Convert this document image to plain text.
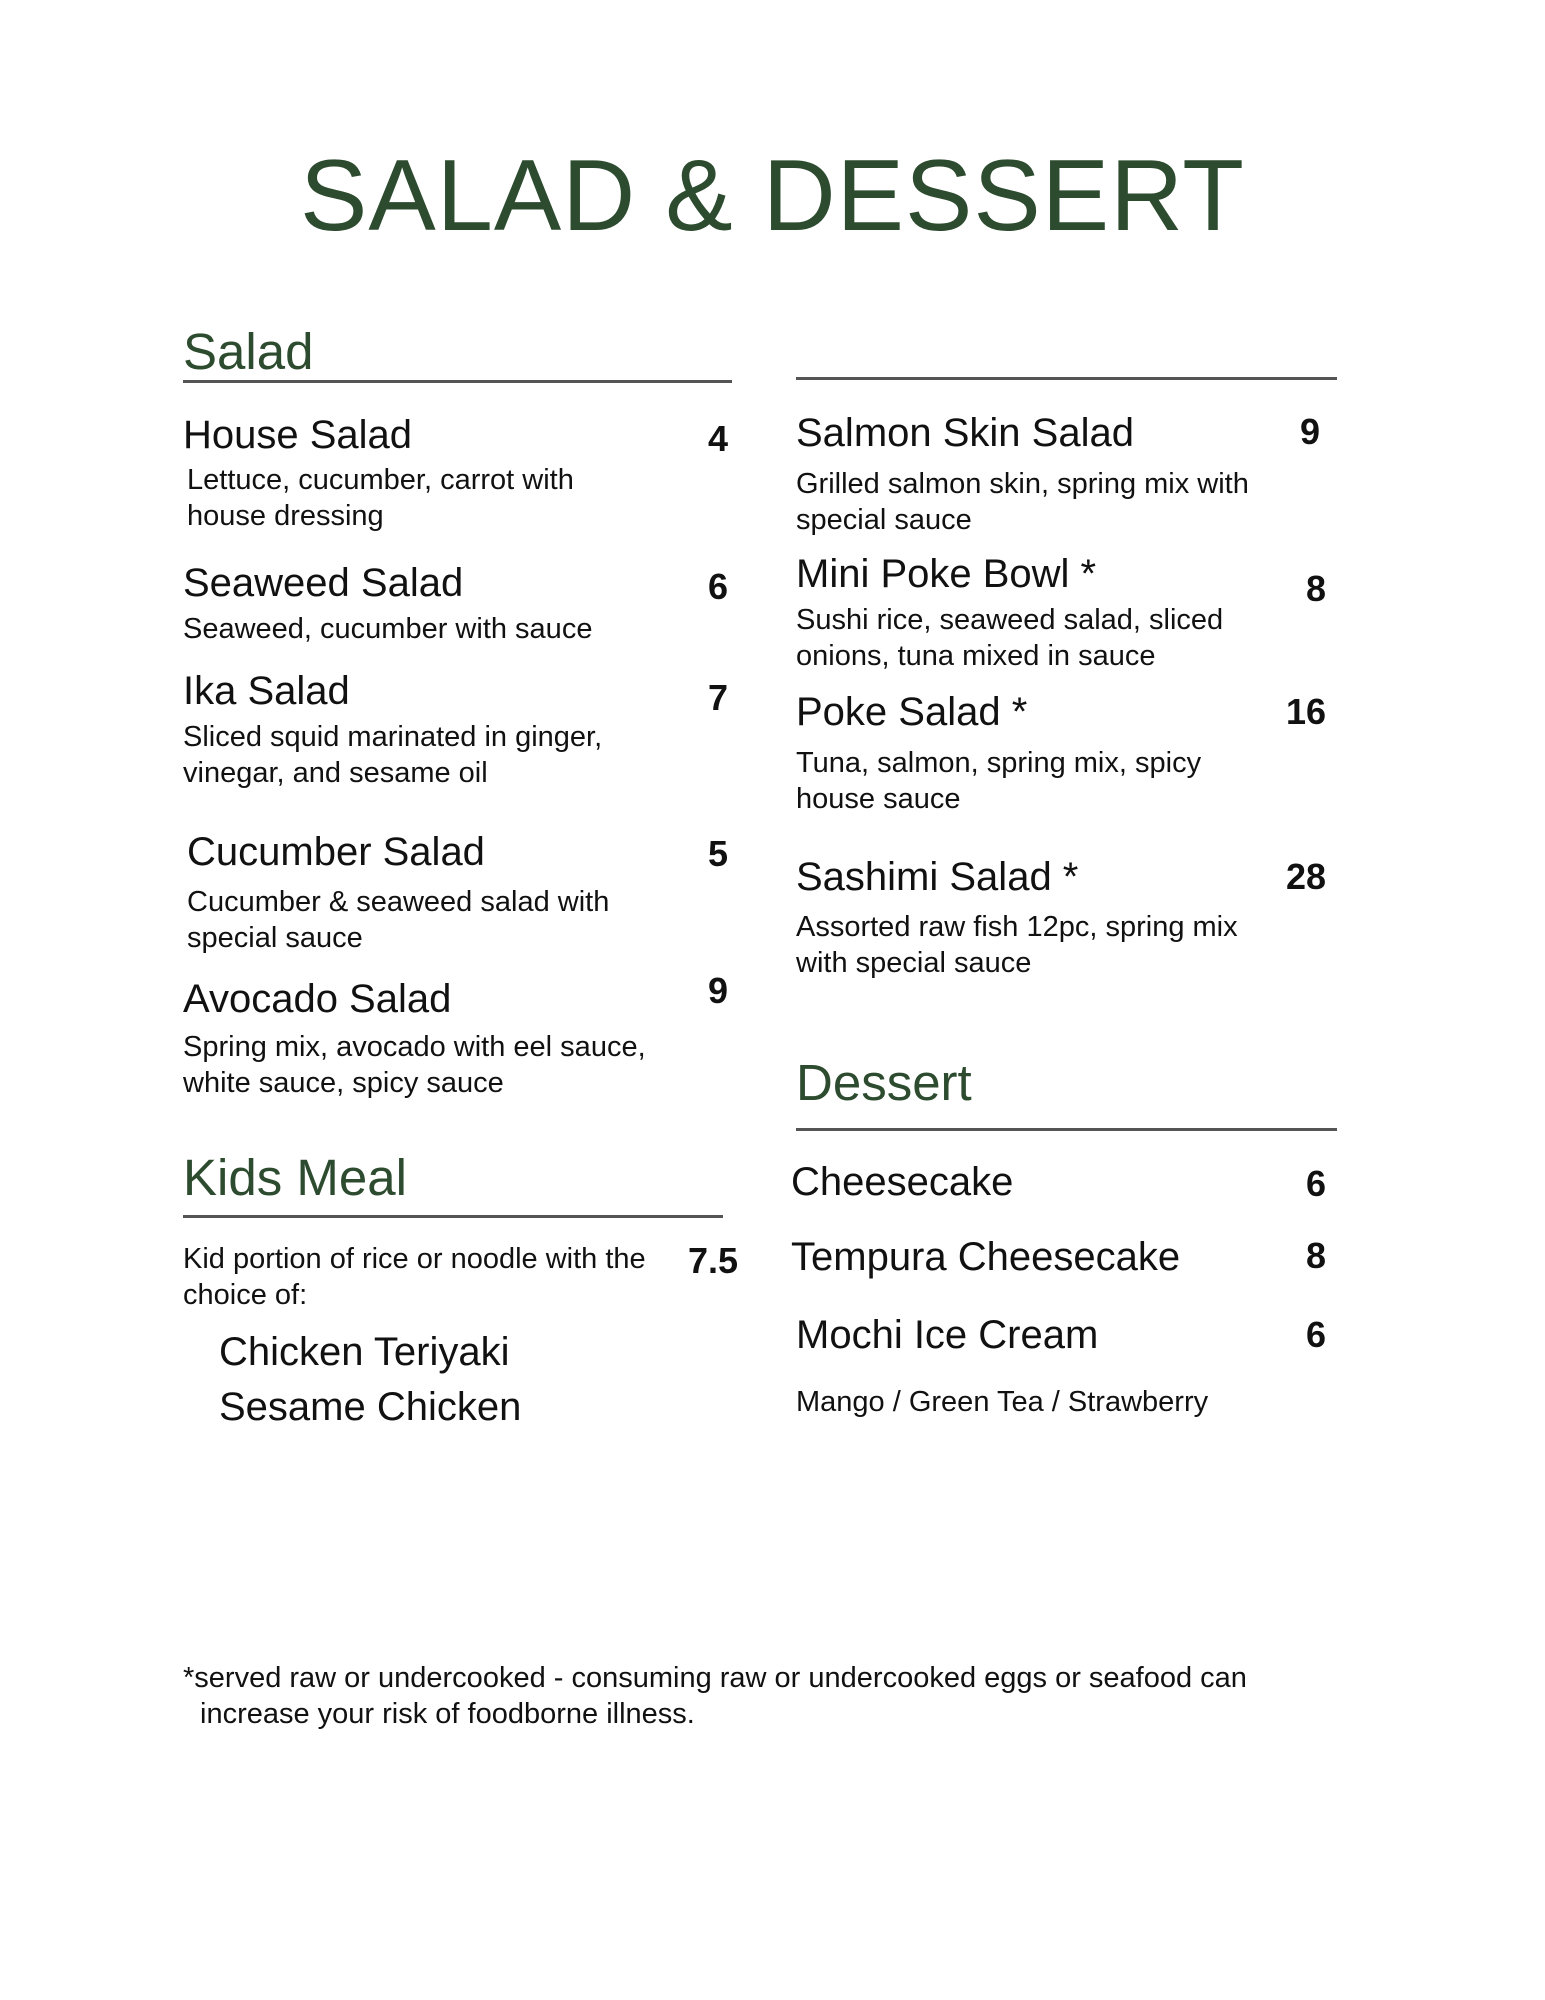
SALAD & DESSERT
Salad
House Salad	4
Lettuce, cucumber, carrot with house dressing
Seaweed Salad	6
Seaweed, cucumber with sauce
Ika Salad	7
Sliced squid marinated in ginger, vinegar, and sesame oil
Cucumber Salad	5
Cucumber & seaweed salad with special sauce
Avocado Salad	9
Spring mix, avocado with eel sauce, white sauce, spicy sauce
Salmon Skin Salad	9
Grilled salmon skin, spring mix with special sauce
Mini Poke Bowl *	8
Sushi rice, seaweed salad, sliced onions, tuna mixed in sauce
Poke Salad *	16
Tuna, salmon, spring mix, spicy house sauce
Sashimi Salad *	28
Assorted raw fish 12pc, spring mix with special sauce
Kids Meal
Kid portion of rice or noodle with the choice of:
7.5
Chicken Teriyaki
Sesame Chicken
Dessert
Cheesecake	6
Tempura Cheesecake	8
Mochi Ice Cream	6
Mango / Green Tea / Strawberry
*served raw or undercooked - consuming raw or undercooked eggs or seafood can
increase your risk of foodborne illness.
